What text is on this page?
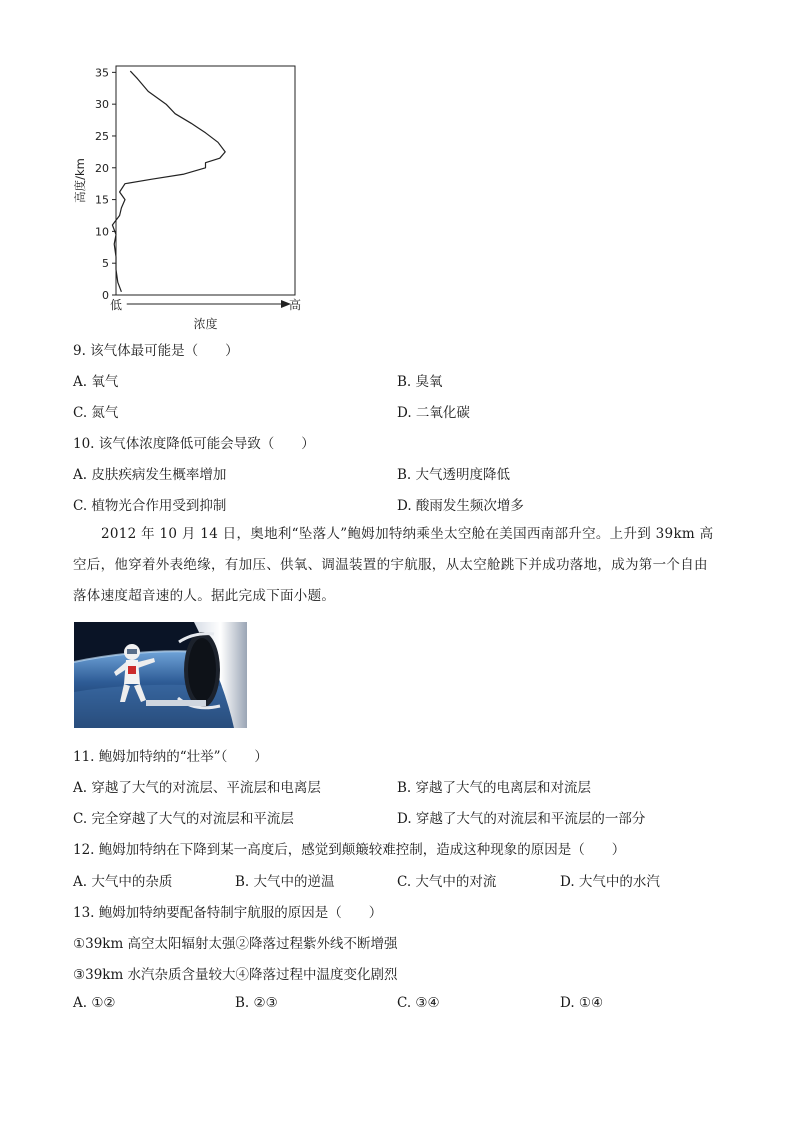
0
5
10
15
20
25
30
35
高度/km
低	高
浓度
9. 该气体最可能是（　　）
A. 氧气	B. 臭氧
C. 氮气	D. 二氧化碳
10. 该气体浓度降低可能会导致（　　）
A. 皮肤疾病发生概率增加	B. 大气透明度降低
C. 植物光合作用受到抑制	D. 酸雨发生频次增多
2012 年 10 月 14 日，奥地利“坠落人”鲍姆加特纳乘坐太空舱在美国西南部升空。上升到 39km 高空后，他穿着外表绝缘，有加压、供氧、调温装置的宇航服，从太空舱跳下并成功落地，成为第一个自由落体速度超音速的人。据此完成下面小题。
11. 鲍姆加特纳的“壮举”（　　）
A. 穿越了大气的对流层、平流层和电离层	B. 穿越了大气的电离层和对流层
C. 完全穿越了大气的对流层和平流层	D. 穿越了大气的对流层和平流层的一部分
12. 鲍姆加特纳在下降到某一高度后，感觉到颠簸较难控制，造成这种现象的原因是（　　）
A. 大气中的杂质	B. 大气中的逆温	C. 大气中的对流	D. 大气中的水汽
13. 鲍姆加特纳要配备特制宇航服的原因是（　　）
①39km 高空太阳辐射太强②降落过程紫外线不断增强
③39km 水汽杂质含量较大④降落过程中温度变化剧烈
A. ①②	B. ②③	C. ③④	D. ①④
